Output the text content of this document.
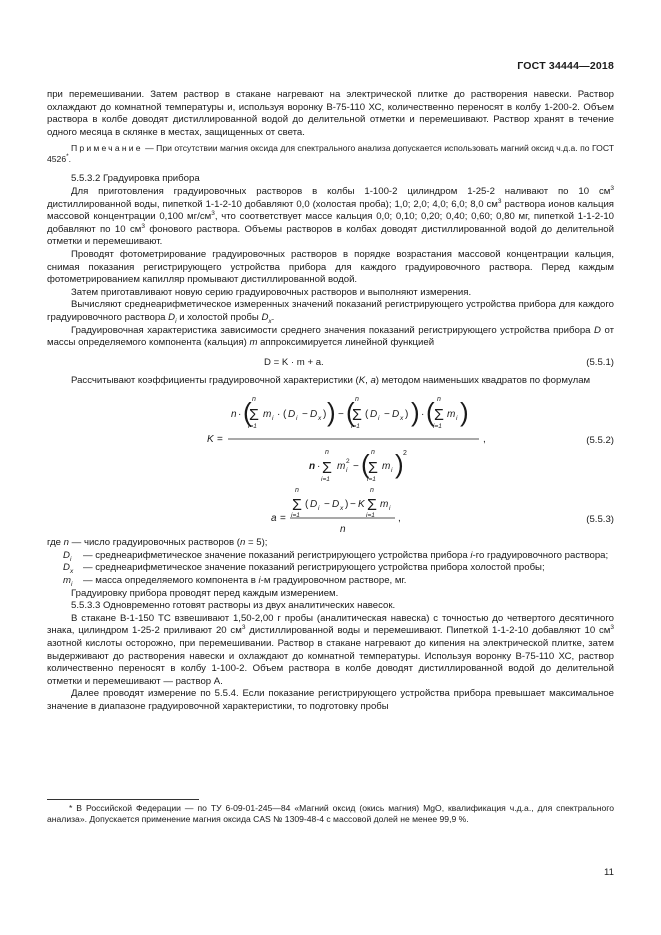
ГОСТ 34444—2018

при перемешивании. Затем раствор в стакане нагревают на электрической плитке до растворения навески. Раствор охлаждают до комнатной температуры и, используя воронку В-75-110 ХС, количественно переносят в колбу 1-200-2. Объем раствора в колбе доводят дистиллированной водой до делительной отметки и перемешивают. Раствор хранят в течение одного месяца в склянке в местах, защищенных от света.

Примечание — При отсутствии магния оксида для спектрального анализа допускается использовать магний оксид ч.д.а. по ГОСТ 4526*.

5.5.3.2 Градуировка прибора

Для приготовления градуировочных растворов в колбы 1-100-2 цилиндром 1-25-2 наливают по 10 $см^3$ дистиллированной воды, пипеткой 1-1-2-10 добавляют 0,0 (холостая проба); 1,0; 2,0; 4,0; 6,0; 8,0 $см^3$ раствора ионов кальция массовой концентрации 0,100 $мг/см^3$, что соответствует массе кальция 0,0; 0,10; 0,20; 0,40; 0,60; 0,80 мг, пипеткой 1-1-2-10 добавляют по 10 $см^3$ фонового раствора. Объемы растворов в колбах доводят дистиллированной водой до делительной отметки и перемешивают.

Проводят фотометрирование градуировочных растворов в порядке возрастания массовой концентрации кальция, снимая показания регистрирующего устройства прибора для каждого градуировочного раствора. Перед каждым фотометрированием капилляр промывают дистиллированной водой.

Затем приготавливают новую серию градуировочных растворов и выполняют измерения.

Вычисляют среднеарифметическое измеренных значений показаний регистрирующего устройства прибора для каждого градуировочного раствора $D_i$ и холостой пробы $D_x$.

Градуировочная характеристика зависимости среднего значения показаний регистрирующего устройства прибора D от массы определяемого компонента (кальция) m аппроксимируется линейной функцией

D = K · m + a.	(5.5.1)

Рассчитывают коэффициенты градуировочной характеристики (K, a) методом наименьших квадратов по формулам

K =
n · ( n
Σ
i=1
m i · ( D i − D x ) ) − ( n
Σ
i=1
( D i − D x ) ) · ( n
Σ
i=1
m i )
,
n ·
n
Σ
i=1
m 2
i − ( n
Σ
i=1
m i ) 2
(5.5.2)
a =
n
Σ
i=1
( D i − D x ) − K
n
Σ
i=1
m i
n
,	(5.5.3)

где n — число градуировочных растворов (n = 5);

$D_i$ — среднеарифметическое значение показаний регистрирующего устройства прибора i-го градуировочного раствора;
$D_x$ — среднеарифметическое значение показаний регистрирующего устройства прибора холостой пробы;
$m_i$ — масса определяемого компонента в i-м градуировочном растворе, мг.

Градуировку прибора проводят перед каждым измерением.

5.5.3.3 Одновременно готовят растворы из двух аналитических навесок.

В стакане В-1-150 ТС взвешивают 1,50-2,00 г пробы (аналитическая навеска) с точностью до четвертого десятичного знака, цилиндром 1-25-2 приливают 20 $см^3$ дистиллированной воды и перемешивают. Пипеткой 1-1-2-10 добавляют 10 $см^3$ азотной кислоты осторожно, при перемешивании. Раствор в стакане нагревают до кипения на электрической плитке, затем выдерживают до растворения навески и охлаждают до комнатной температуры. Используя воронку В-75-110 ХС, раствор количественно переносят в колбу 1-100-2. Объем раствора в колбе доводят дистиллированной водой до делительной отметки и перемешивают — раствор А.

Далее проводят измерение по 5.5.4. Если показание регистрирующего устройства прибора превышает максимальное значение в диапазоне градуировочной характеристики, то подготовку пробы

* В Российской Федерации — по ТУ 6-09-01-245—84 «Магний оксид (окись магния) MgO, квалификация ч.д.а., для спектрального анализа». Допускается применение магния оксида CAS № 1309-48-4 с массовой долей не менее 99,9 %.
11
